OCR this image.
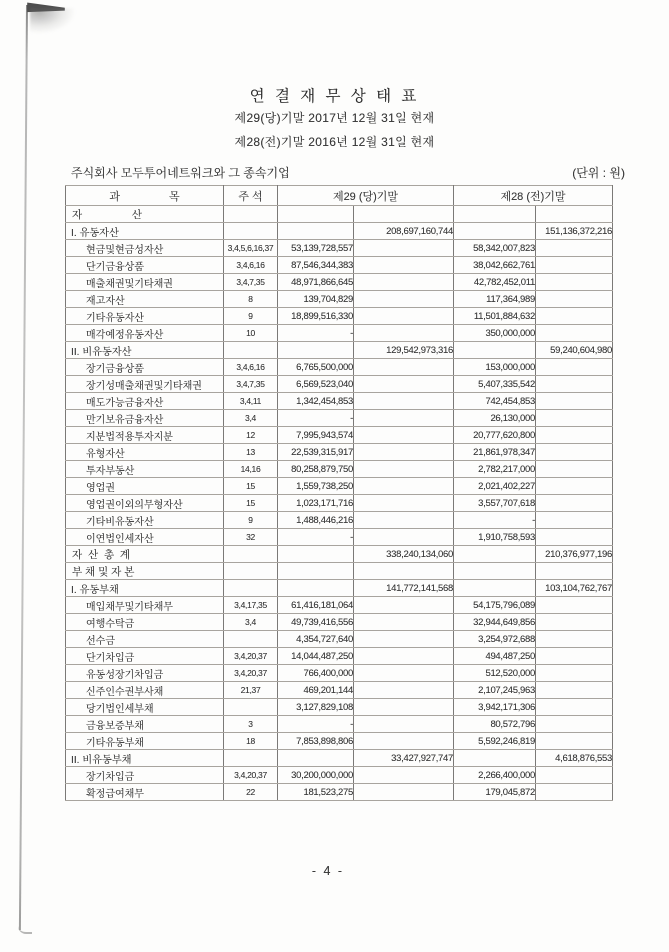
연 결 재 무 상 태 표
제29(당)기말 2017년 12월 31일 현재
제28(전)기말 2016년 12월 31일 현재
주식회사 모두투어네트워크와 그 종속기업	(단위 : 원)
과                목	주 석	제29 (당)기말		제28 (전)기말	
자                 산					
I. 유동자산			208,697,160,744		151,136,372,216
현금및현금성자산	3,4,5,6,16,37	53,139,728,557		58,342,007,823	
단기금융상품	3,4,6,16	87,546,344,383		38,042,662,761	
매출채권및기타채권	3,4,7,35	48,971,866,645		42,782,452,011	
재고자산	8	139,704,829		117,364,989	
기타유동자산	9	18,899,516,330		11,501,884,632	
매각예정유동자산	10	-		350,000,000	
II. 비유동자산			129,542,973,316		59,240,604,980
장기금융상품	3,4,6,16	6,765,500,000		153,000,000	
장기성매출채권및기타채권	3,4,7,35	6,569,523,040		5,407,335,542	
매도가능금융자산	3,4,11	1,342,454,853		742,454,853	
만기보유금융자산	3,4	-		26,130,000	
지분법적용투자지분	12	7,995,943,574		20,777,620,800	
유형자산	13	22,539,315,917		21,861,978,347	
투자부동산	14,16	80,258,879,750		2,782,217,000	
영업권	15	1,559,738,250		2,021,402,227	
영업권이외의무형자산	15	1,023,171,716		3,557,707,618	
기타비유동자산	9	1,488,446,216		-	
이연법인세자산	32	-		1,910,758,593	
자  산  총  계			338,240,134,060		210,376,977,196
부 채 및 자 본					
I. 유동부채			141,772,141,568		103,104,762,767
매입채무및기타채무	3,4,17,35	61,416,181,064		54,175,796,089	
여행수탁금	3,4	49,739,416,556		32,944,649,856	
선수금		4,354,727,640		3,254,972,688	
단기차입금	3,4,20,37	14,044,487,250		494,487,250	
유동성장기차입금	3,4,20,37	766,400,000		512,520,000	
신주인수권부사채	21,37	469,201,144		2,107,245,963	
당기법인세부채		3,127,829,108		3,942,171,306	
금융보증부채	3	-		80,572,796	
기타유동부채	18	7,853,898,806		5,592,246,819	
II. 비유동부채			33,427,927,747		4,618,876,553
장기차입금	3,4,20,37	30,200,000,000		2,266,400,000	
확정급여채무	22	181,523,275		179,045,872	
- 4 -
